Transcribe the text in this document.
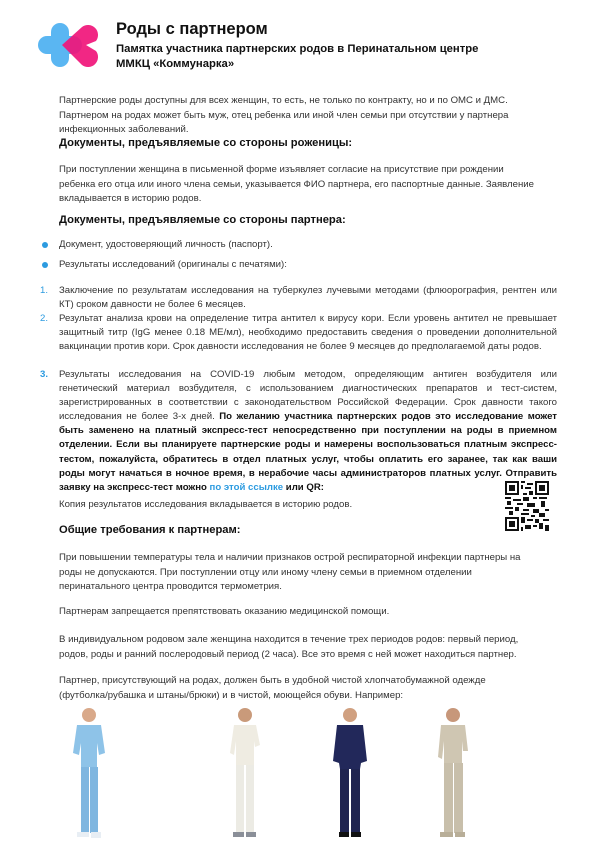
Роды с партнером
Памятка участника партнерских родов в Перинатальном центре
ММКЦ «Коммунарка»
Партнерские роды доступны для всех женщин, то есть, не только по контракту, но и по ОМС и ДМС.
Партнером на родах может быть муж, отец ребенка или иной член семьи при отсутствии у партнера
инфекционных заболеваний.
Документы, предъявляемые со стороны роженицы:
При поступлении женщина в письменной форме изъявляет согласие на присутствие при рождении
ребенка его отца или иного члена семьи, указывается ФИО партнера, его паспортные данные. Заявление
вкладывается в историю родов.
Документы, предъявляемые со стороны партнера:
Документ, удостоверяющий личность (паспорт).
Результаты исследований (оригиналы с печатями):
1. Заключение по результатам исследования на туберкулез лучевыми методами (флюорография, рентген или КТ) сроком давности не более 6 месяцев.
2. Результат анализа крови на определение титра антител к вирусу кори. Если уровень антител не превышает защитный титр (IgG менее 0.18 МЕ/мл), необходимо предоставить сведения о проведении дополнительной вакцинации против кори. Срок давности исследования не более 9 месяцев до предполагаемой даты родов.
3. Результаты исследования на COVID-19 любым методом, определяющим антиген возбудителя или генетический материал возбудителя, с использованием диагностических препаратов и тест-систем, зарегистрированных в соответствии с законодательством Российской Федерации. Срок давности такого исследования не более 3-х дней. По желанию участника партнерских родов это исследование может быть заменено на платный экспресс-тест непосредственно при поступлении на роды в приемном отделении. Если вы планируете партнерские роды и намерены воспользоваться платным экспресс-тестом, пожалуйста, обратитесь в отдел платных услуг, чтобы оплатить его заранее, так как ваши роды могут начаться в ночное время, в нерабочие часы администраторов платных услуг. Отправить заявку на экспресс-тест можно по этой ссылке или QR:
Копия результатов исследования вкладывается в историю родов.
Общие требования к партнерам:
При повышении температуры тела и наличии признаков острой респираторной инфекции партнеры на
роды не допускаются. При поступлении отцу или иному члену семьи в приемном отделении
перинатального центра проводится термометрия.
Партнерам запрещается препятствовать оказанию медицинской помощи.
В индивидуальном родовом зале женщина находится в течение трех периодов родов: первый период,
родов, роды и ранний послеродовый период (2 часа). Все это время с ней может находиться партнер.
Партнер, присутствующий на родах, должен быть в удобной чистой хлопчатобумажной одежде
(футболка/рубашка и штаны/брюки) и в чистой, моющейся обуви. Например:
